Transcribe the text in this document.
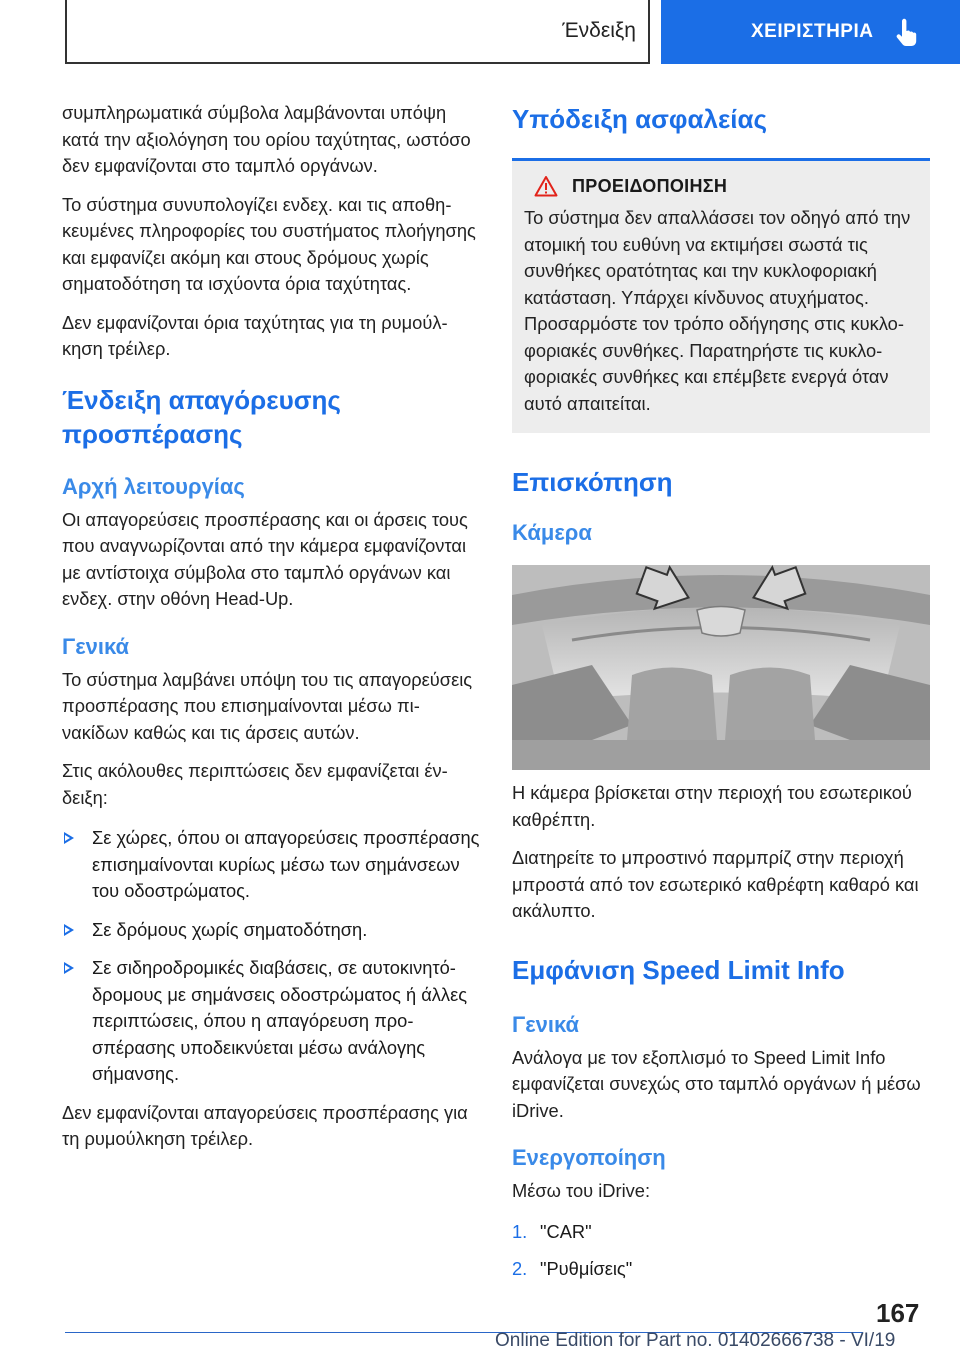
Ένδειξη	ΧΕΙΡΙΣΤΗΡΙΑ

συμπληρωματικά σύμβολα λαμβάνονται υπόψη κατά την αξιολόγηση του ορίου ταχύτητας, ωστόσο δεν εμφανίζονται στο ταμπλό οργάνων.

Το σύστημα συνυπολογίζει ενδεχ. και τις αποθηκευμένες πληροφορίες του συστήματος πλοήγησης και εμφανίζει ακόμη και στους δρόμους χωρίς σηματοδότηση τα ισχύοντα όρια ταχύτητας.

Δεν εμφανίζονται όρια ταχύτητας για τη ρυμούλκηση τρέιλερ.

Ένδειξη απαγόρευσης προσπέρασης
Αρχή λειτουργίας

Οι απαγορεύσεις προσπέρασης και οι άρσεις τους που αναγνωρίζονται από την κάμερα εμφανίζονται με αντίστοιχα σύμβολα στο ταμπλό οργάνων και ενδεχ. στην οθόνη Head-Up.

Γενικά

Το σύστημα λαμβάνει υπόψη του τις απαγορεύσεις προσπέρασης που επισημαίνονται μέσω πινακίδων καθώς και τις άρσεις αυτών.

Στις ακόλουθες περιπτώσεις δεν εμφανίζεται ένδειξη:

Σε χώρες, όπου οι απαγορεύσεις προσπέρασης επισημαίνονται κυρίως μέσω των σημάνσεων του οδοστρώματος.
Σε δρόμους χωρίς σηματοδότηση.
Σε σιδηροδρομικές διαβάσεις, σε αυτοκινητόδρομους με σημάνσεις οδοστρώματος ή άλλες περιπτώσεις, όπου η απαγόρευση προσπέρασης υποδεικνύεται μέσω ανάλογης σήμανσης.

Δεν εμφανίζονται απαγορεύσεις προσπέρασης για τη ρυμούλκηση τρέιλερ.

Υπόδειξη ασφαλείας
ΠΡΟΕΙΔΟΠΟΙΗΣΗ

Το σύστημα δεν απαλλάσσει τον οδηγό από την ατομική του ευθύνη να εκτιμήσει σωστά τις συνθήκες ορατότητας και την κυκλοφοριακή κατάσταση. Υπάρχει κίνδυνος ατυχήματος. Προσαρμόστε τον τρόπο οδήγησης στις κυκλοφοριακές συνθήκες. Παρατηρήστε τις κυκλοφοριακές συνθήκες και επέμβετε ενεργά όταν αυτό απαιτείται.

Επισκόπηση
Κάμερα

Η κάμερα βρίσκεται στην περιοχή του εσωτερικού καθρέπτη.

Διατηρείτε το μπροστινό παρμπρίζ στην περιοχή μπροστά από τον εσωτερικό καθρέφτη καθαρό και ακάλυπτο.

Εμφάνιση Speed Limit Info
Γενικά

Ανάλογα με τον εξοπλισμό το Speed Limit Info εμφανίζεται συνεχώς στο ταμπλό οργάνων ή μέσω iDrive.

Ενεργοποίηση

Μέσω του iDrive:

1. "CAR"
2. "Ρυθμίσεις"
167
Online Edition for Part no. 01402666738 - VI/19
